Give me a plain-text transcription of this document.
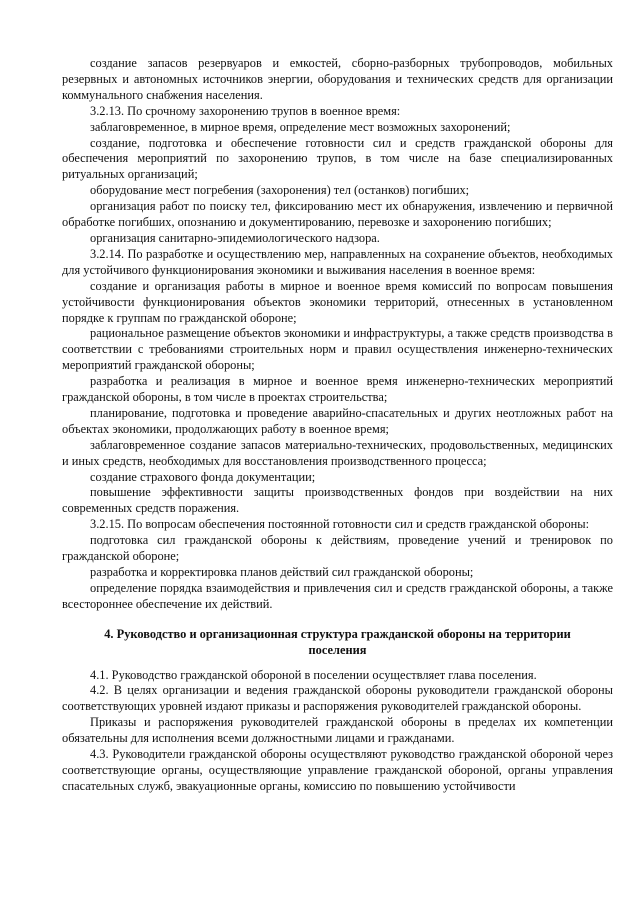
создание запасов резервуаров и емкостей, сборно-разборных трубопроводов, мобильных резервных и автономных источников энергии, оборудования и технических средств для организации коммунального снабжения населения.

3.2.13. По срочному захоронению трупов в военное время:

заблаговременное, в мирное время, определение мест возможных захоронений;

создание, подготовка и обеспечение готовности сил и средств гражданской обороны для обеспечения мероприятий по захоронению трупов, в том числе на базе специализированных ритуальных организаций;

оборудование мест погребения (захоронения) тел (останков) погибших;

организация работ по поиску тел, фиксированию мест их обнаружения, извлечению и первичной обработке погибших, опознанию и документированию, перевозке и захоронению погибших;

организация санитарно-эпидемиологического надзора.

3.2.14. По разработке и осуществлению мер, направленных на сохранение объектов, необходимых для устойчивого функционирования экономики и выживания населения в военное время:

создание и организация работы в мирное и военное время комиссий по вопросам повышения устойчивости функционирования объектов экономики территорий, отнесенных в установленном порядке к группам по гражданской обороне;

рациональное размещение объектов экономики и инфраструктуры, а также средств производства в соответствии с требованиями строительных норм и правил осуществления инженерно-технических мероприятий гражданской обороны;

разработка и реализация в мирное и военное время инженерно-технических мероприятий гражданской обороны, в том числе в проектах строительства;

планирование, подготовка и проведение аварийно-спасательных и других неотложных работ на объектах экономики, продолжающих работу в военное время;

заблаговременное создание запасов материально-технических, продовольственных, медицинских и иных средств, необходимых для восстановления производственного процесса;

создание страхового фонда документации;

повышение эффективности защиты производственных фондов при воздействии на них современных средств поражения.

3.2.15. По вопросам обеспечения постоянной готовности сил и средств гражданской обороны:

подготовка сил гражданской обороны к действиям, проведение учений и тренировок по гражданской обороне;

разработка и корректировка планов действий сил гражданской обороны;

определение порядка взаимодействия и привлечения сил и средств гражданской обороны, а также всестороннее обеспечение их действий.

4. Руководство и организационная структура гражданской обороны на территории поселения

4.1. Руководство гражданской обороной в поселении осуществляет глава поселения.

4.2. В целях организации и ведения гражданской обороны руководители гражданской обороны соответствующих уровней издают приказы и распоряжения руководителей гражданской обороны.

Приказы и распоряжения руководителей гражданской обороны в пределах их компетенции обязательны для исполнения всеми должностными лицами и гражданами.

4.3. Руководители гражданской обороны осуществляют руководство гражданской обороной через соответствующие органы, осуществляющие управление гражданской обороной, органы управления спасательных служб, эвакуационные органы, комиссию по повышению устойчивости
